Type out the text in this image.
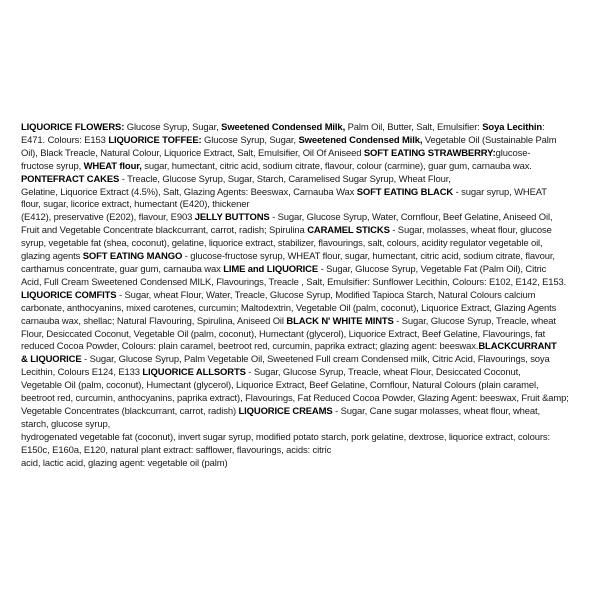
LIQUORICE FLOWERS: Glucose Syrup, Sugar, Sweetened Condensed Milk, Palm Oil, Butter, Salt, Emulsifier: Soya Lecithin:
E471. Colours: E153 LIQUORICE TOFFEE: Glucose Syrup, Sugar, Sweetened Condensed Milk, Vegetable Oil (Sustainable Palm
Oil), Black Treacle, Natural Colour, Liquorice Extract, Salt, Emulsifier, Oil Of Aniseed SOFT EATING STRAWBERRY:glucose-
fructose syrup, WHEAT flour, sugar, humectant, citric acid, sodium citrate, flavour, colour (carmine), guar gum, carnauba wax.
PONTEFRACT CAKES - Treacle, Glucose Syrup, Sugar, Starch, Caramelised Sugar Syrup, Wheat Flour,
Gelatine, Liquorice Extract (4.5%), Salt, Glazing Agents: Beeswax, Carnauba Wax SOFT EATING BLACK - sugar syrup, WHEAT
flour, sugar, licorice extract, humectant (E420), thickener
(E412), preservative (E202), flavour, E903 JELLY BUTTONS - Sugar, Glucose Syrup, Water, Cornflour, Beef Gelatine, Aniseed Oil,
Fruit and Vegetable Concentrate blackcurrant, carrot, radish; Spirulina CARAMEL STICKS - Sugar, molasses, wheat flour, glucose
syrup, vegetable fat (shea, coconut), gelatine, liquorice extract, stabilizer, flavourings, salt, colours, acidity regulator vegetable oil,
glazing agents SOFT EATING MANGO - glucose-fructose syrup, WHEAT flour, sugar, humectant, citric acid, sodium citrate, flavour,
carthamus concentrate, guar gum, carnauba wax LIME and LIQUORICE - Sugar, Glucose Syrup, Vegetable Fat (Palm Oil), Citric
Acid, Full Cream Sweetened Condensed MILK, Flavourings, Treacle , Salt, Emulsifier: Sunflower Lecithin, Colours: E102, E142, E153.
LIQUORICE COMFITS - Sugar, wheat Flour, Water, Treacle, Glucose Syrup, Modified Tapioca Starch, Natural Colours calcium
carbonate, anthocyanins, mixed carotenes, curcumin; Maltodextrin, Vegetable Oil (palm, coconut), Liquorice Extract, Glazing Agents
carnauba wax, shellac; Natural Flavouring, Spirulina, Aniseed Oil BLACK N' WHITE MINTS - Sugar, Glucose Syrup, Treacle, wheat
Flour, Desiccated Coconut, Vegetable Oil (palm, coconut), Humectant (glycerol), Liquorice Extract, Beef Gelatine, Flavourings, fat
reduced Cocoa Powder, Colours: plain caramel, beetroot red, curcumin, paprika extract; glazing agent: beeswax.BLACKCURRANT
& LIQUORICE - Sugar, Glucose Syrup, Palm Vegetable Oil, Sweetened Full cream Condensed milk, Citric Acid, Flavourings, soya
Lecithin, Colours E124, E133 LIQUORICE ALLSORTS - Sugar, Glucose Syrup, Treacle, wheat Flour, Desiccated Coconut,
Vegetable Oil (palm, coconut), Humectant (glycerol), Liquorice Extract, Beef Gelatine, Cornflour, Natural Colours (plain caramel,
beetroot red, curcumin, anthocyanins, paprika extract), Flavourings, Fat Reduced Cocoa Powder, Glazing Agent: beeswax, Fruit &amp;
Vegetable Concentrates (blackcurrant, carrot, radish) LIQUORICE CREAMS - Sugar, Cane sugar molasses, wheat flour, wheat,
starch, glucose syrup,
hydrogenated vegetable fat (coconut), invert sugar syrup, modified potato starch, pork gelatine, dextrose, liquorice extract, colours:
E150c, E160a, E120, natural plant extract: safflower, flavourings, acids: citric
acid, lactic acid, glazing agent: vegetable oil (palm)
